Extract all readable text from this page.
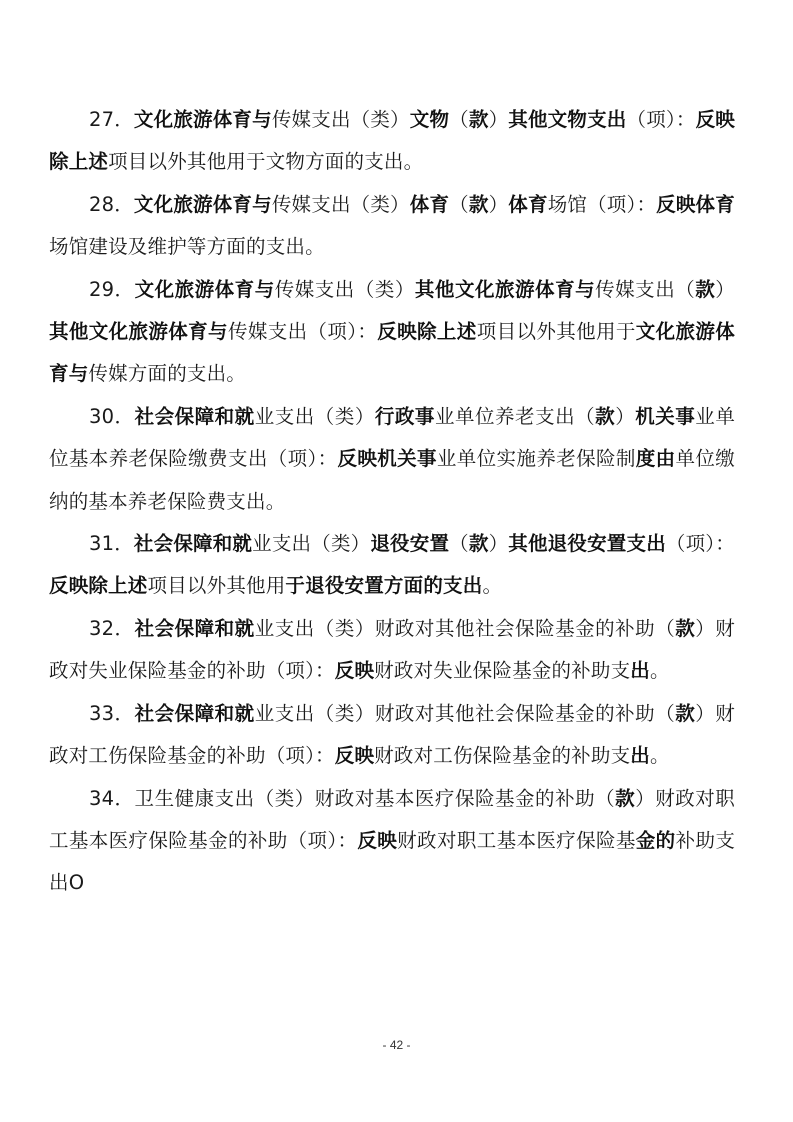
27．文化旅游体育与传媒支出（类）文物（款）其他文物支出（项）：反映除上述项目以外其他用于文物方面的支出。

28．文化旅游体育与传媒支出（类）体育（款）体育场馆（项）：反映体育场馆建设及维护等方面的支出。

29．文化旅游体育与传媒支出（类）其他文化旅游体育与传媒支出（款）其他文化旅游体育与传媒支出（项）：反映除上述项目以外其他用于文化旅游体育与传媒方面的支出。

30．社会保障和就业支出（类）行政事业单位养老支出（款）机关事业单位基本养老保险缴费支出（项）：反映机关事业单位实施养老保险制度由单位缴纳的基本养老保险费支出。

31．社会保障和就业支出（类）退役安置（款）其他退役安置支出（项）：反映除上述项目以外其他用于退役安置方面的支出。

32．社会保障和就业支出（类）财政对其他社会保险基金的补助（款）财政对失业保险基金的补助（项）：反映财政对失业保险基金的补助支出。

33．社会保障和就业支出（类）财政对其他社会保险基金的补助（款）财政对工伤保险基金的补助（项）：反映财政对工伤保险基金的补助支出。

34．卫生健康支出（类）财政对基本医疗保险基金的补助（款）财政对职工基本医疗保险基金的补助（项）：反映财政对职工基本医疗保险基金的补助支出O

- 42 -
